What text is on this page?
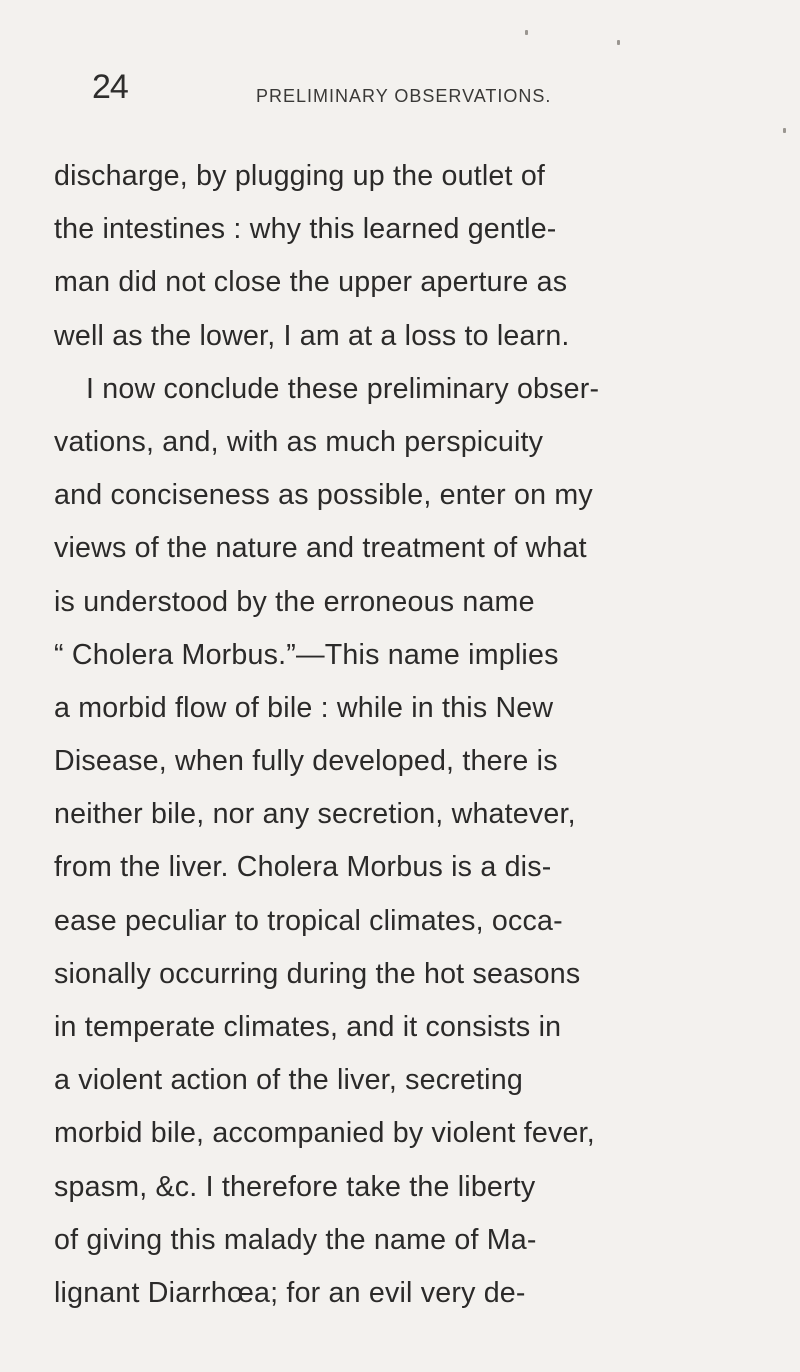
24	PRELIMINARY OBSERVATIONS.
discharge, by plugging up the outlet of
the intestines : why this learned gentle-
man did not close the upper aperture as
well as the lower, I am at a loss to learn.
I now conclude these preliminary obser-
vations, and, with as much perspicuity
and conciseness as possible, enter on my
views of the nature and treatment of what
is understood by the erroneous name
“ Cholera Morbus.”—This name implies
a morbid flow of bile : while in this New
Disease, when fully developed, there is
neither bile, nor any secretion, whatever,
from the liver. Cholera Morbus is a dis-
ease peculiar to tropical climates, occa-
sionally occurring during the hot seasons
in temperate climates, and it consists in
a violent action of the liver, secreting
morbid bile, accompanied by violent fever,
spasm, &c. I therefore take the liberty
of giving this malady the name of Ma-
lignant Diarrhœa; for an evil very de-
